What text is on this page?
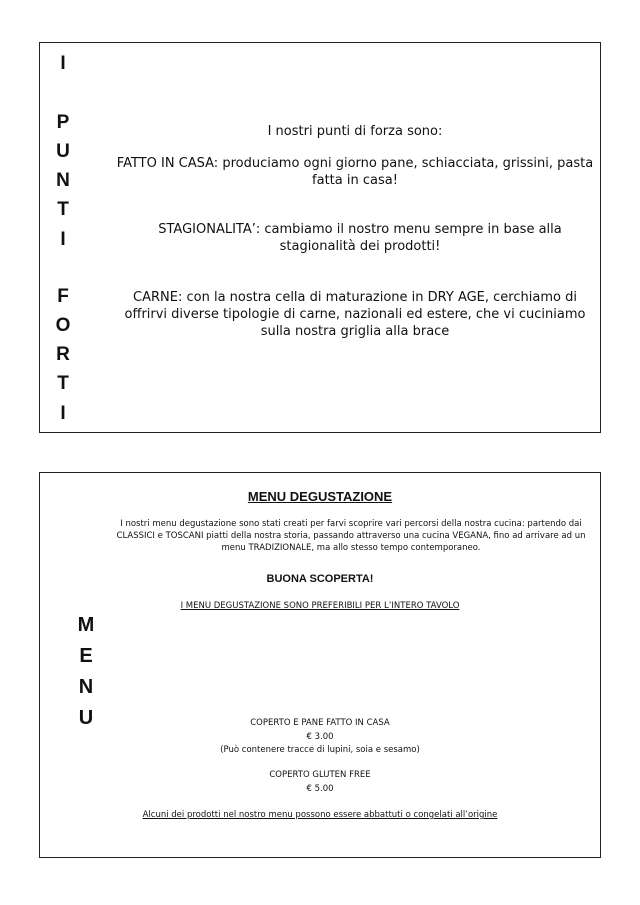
I
P
U
N
T
I
F
O
R
T
I
I nostri punti di forza sono:
FATTO IN CASA: produciamo ogni giorno pane, schiacciata, grissini, pasta fatta in casa!
STAGIONALITA’: cambiamo il nostro menu sempre in base alla stagionalità dei prodotti!
CARNE: con la nostra cella di maturazione in DRY AGE, cerchiamo di offrirvi diverse tipologie di carne, nazionali ed estere, che vi cuciniamo sulla nostra griglia alla brace
M
E
N
U
MENU DEGUSTAZIONE
I nostri menu degustazione sono stati creati per farvi scoprire vari percorsi della nostra cucina: partendo dai CLASSICI e TOSCANI piatti della nostra storia, passando attraverso una cucina VEGANA, fino ad arrivare ad un menu TRADIZIONALE, ma allo stesso tempo contemporaneo.
BUONA SCOPERTA!
I MENU DEGUSTAZIONE SONO PREFERIBILI PER L’INTERO TAVOLO
COPERTO E PANE FATTO IN CASA
€ 3.00
(Può contenere tracce di lupini, soia e sesamo)
COPERTO GLUTEN FREE
€ 5.00
Alcuni dei prodotti nel nostro menu possono essere abbattuti o congelati all’origine
